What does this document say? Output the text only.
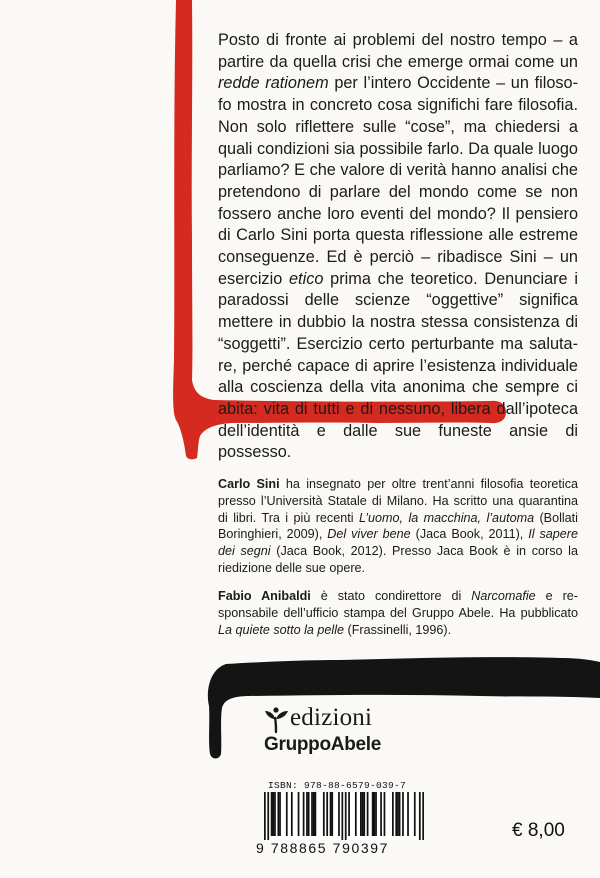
Posto di fronte ai problemi del nostro tempo – a partire da quella crisi che emerge ormai come un redde rationem per l’intero Occidente – un filosofo mostra in concreto cosa significhi fare filosofia. Non solo riflettere sulle “cose”, ma chiedersi a quali condizioni sia possibile farlo. Da quale luogo parliamo? E che valore di verità hanno analisi che pretendono di parlare del mondo come se non fossero anche loro eventi del mondo? Il pensiero di Carlo Sini porta questa riflessione alle estreme conseguenze. Ed è perciò – ribadisce Sini – un esercizio etico prima che teoretico. Denunciare i paradossi delle scienze “oggettive” significa mettere in dubbio la nostra stessa consistenza di “soggetti”. Esercizio certo perturbante ma salutare, perché capace di aprire l’esistenza individuale alla coscienza della vita anonima che sempre ci abita: vita di tutti e di nessuno, libera dall’ipoteca dell’identità e dalle sue funeste ansie di possesso.

Carlo Sini ha insegnato per oltre trent’anni filosofia teoretica presso l’Università Statale di Milano. Ha scritto una quarantina di libri. Tra i più recenti L’uomo, la macchina, l’automa (Bollati Boringhieri, 2009), Del viver bene (Jaca Book, 2011), Il sapere dei segni (Jaca Book, 2012). Presso Jaca Book è in corso la riedizione delle sue opere.
Fabio Anibaldi è stato condirettore di Narcomafie e responsabile dell’ufficio stampa del Gruppo Abele. Ha pubblicato La quiete sotto la pelle (Frassinelli, 1996).
edizioni
GruppoAbele
ISBN: 978-88-6579-039-7
9 788865 790397
€ 8,00
